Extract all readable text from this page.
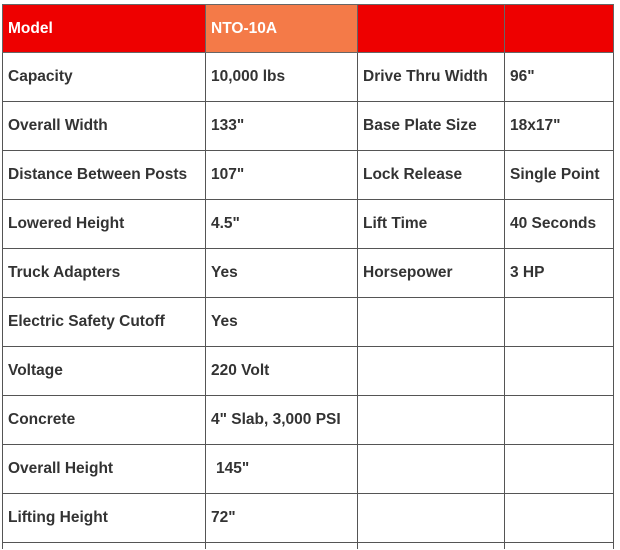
Model	NTO-10A		
Capacity	10,000 lbs	Drive Thru Width	96"
Overall Width	133"	Base Plate Size	18x17"
Distance Between Posts	107"	Lock Release	Single Point
Lowered Height	4.5"	Lift Time	40 Seconds
Truck Adapters	Yes	Horsepower	3 HP
Electric Safety Cutoff	Yes		
Voltage	220 Volt		
Concrete	4" Slab, 3,000 PSI		
Overall Height	145"		
Lifting Height	72"		
